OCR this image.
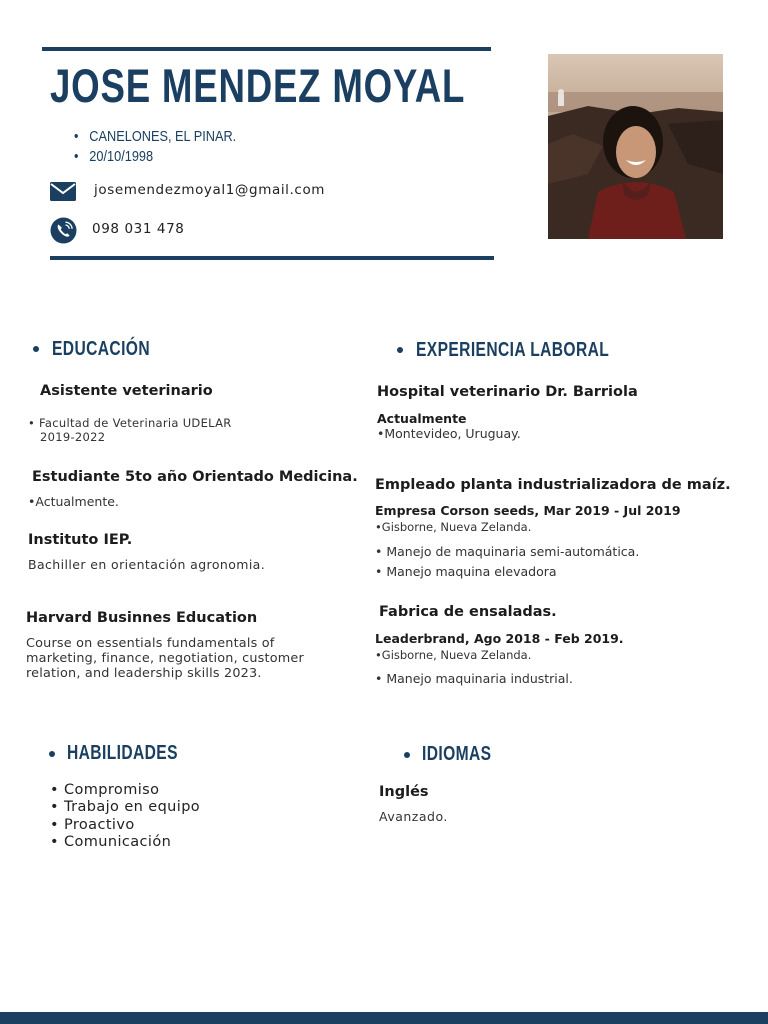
JOSE MENDEZ MOYAL
• CANELONES, EL PINAR.
• 20/10/1998
josemendezmoyal1@gmail.com
098 031 478
EDUCACIÓN
Asistente veterinario
• Facultad de Veterinaria UDELAR
2019-2022
Estudiante 5to año Orientado Medicina.
•Actualmente.
Instituto IEP.
Bachiller en orientación agronomia.
Harvard Businnes Education
Course on essentials fundamentals of
marketing, finance, negotiation, customer
relation, and leadership skills 2023.
EXPERIENCIA LABORAL
Hospital veterinario Dr. Barriola
Actualmente
•Montevideo, Uruguay.
Empleado planta industrializadora de maíz.
Empresa Corson seeds, Mar 2019 - Jul 2019
•Gisborne, Nueva Zelanda.
• Manejo de maquinaria semi-automática.
• Manejo maquina elevadora
Fabrica de ensaladas.
Leaderbrand, Ago 2018 - Feb 2019.
•Gisborne, Nueva Zelanda.
• Manejo maquinaria industrial.
HABILIDADES
• Compromiso
• Trabajo en equipo
• Proactivo
• Comunicación
IDIOMAS
Inglés
Avanzado.
